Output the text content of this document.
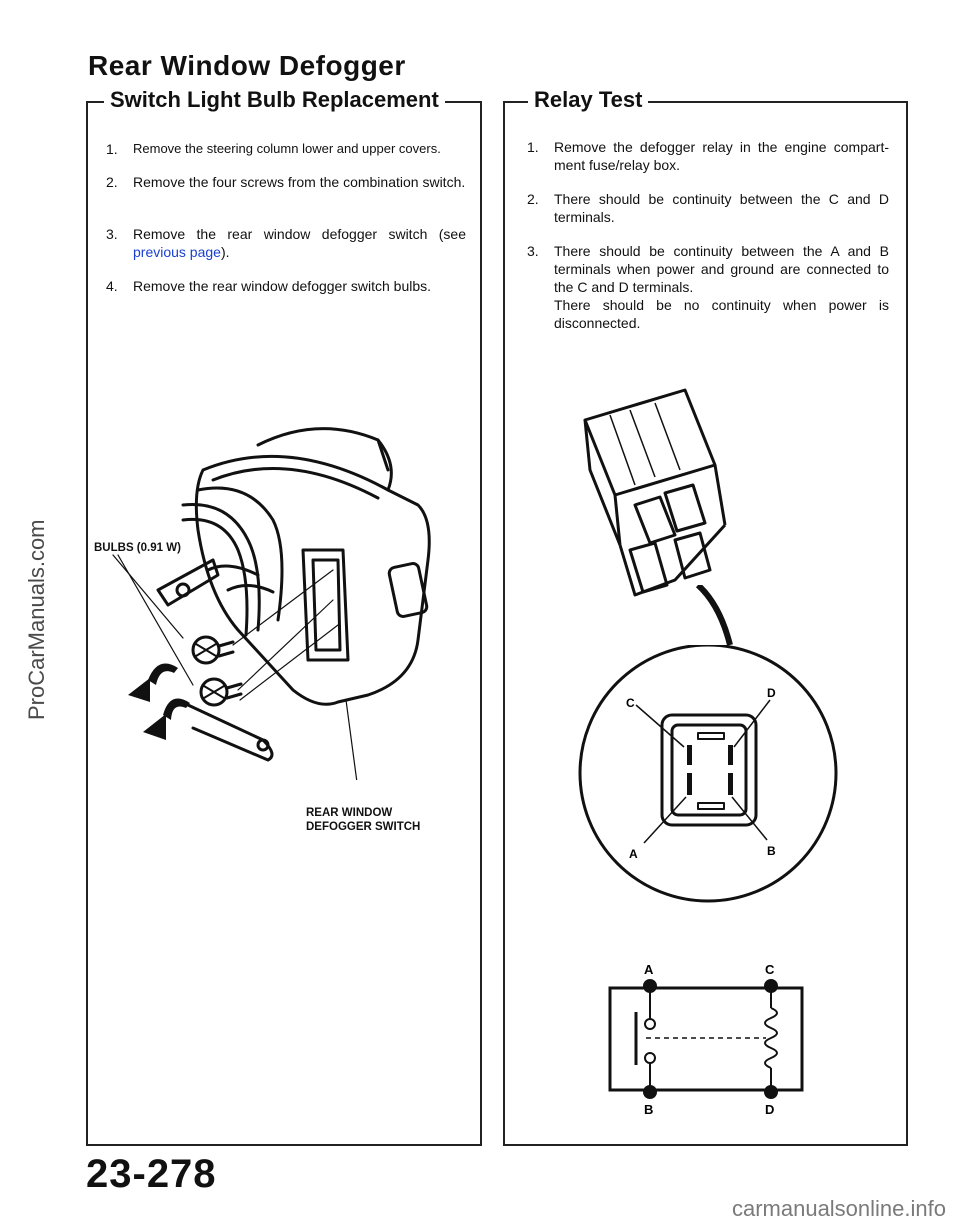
Rear Window Defogger
Switch Light Bulb Replacement	Relay Test
1. Remove the steering column lower and upper covers.
2. Remove the four screws from the combination switch.
3. Remove the rear window defogger switch (see previous page).
4. Remove the rear window defogger switch bulbs.
1. Remove the defogger relay in the engine compart-ment fuse/relay box.
2. There should be continuity between the C and D terminals.
3. There should be continuity between the A and B terminals when power and ground are connected to the C and D terminals.
There should be no continuity when power is disconnected.
BULBS (0.91 W)
REAR WINDOW
DEFOGGER SWITCH
C
D
A	B
A	C
B	D
23-278
carmanualsonline.info
ProCarManuals.com
